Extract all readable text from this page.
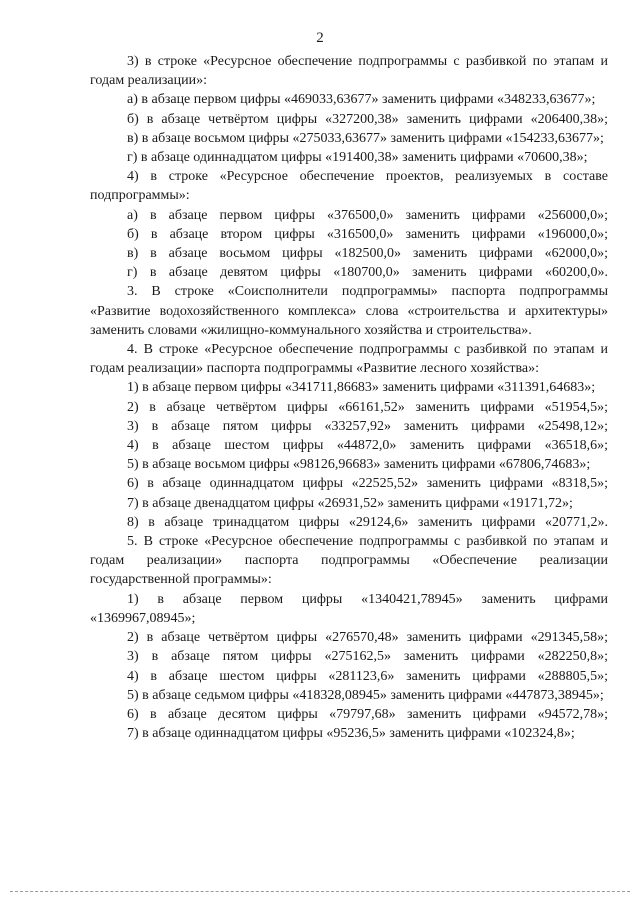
2

3) в строке «Ресурсное обеспечение подпрограммы с разбивкой по этапам и годам реализации»:

а) в абзаце первом цифры «469033,63677» заменить цифрами «348233,63677»;

б) в абзаце четвёртом цифры «327200,38» заменить цифрами «206400,38»;

в) в абзаце восьмом цифры «275033,63677» заменить цифрами «154233,63677»;

г) в абзаце одиннадцатом цифры «191400,38» заменить цифрами «70600,38»;

4) в строке «Ресурсное обеспечение проектов, реализуемых в составе подпрограммы»:

а) в абзаце первом цифры «376500,0» заменить цифрами «256000,0»;

б) в абзаце втором цифры «316500,0» заменить цифрами «196000,0»;

в) в абзаце восьмом цифры «182500,0» заменить цифрами «62000,0»;

г) в абзаце девятом цифры «180700,0» заменить цифрами «60200,0».

3. В строке «Соисполнители подпрограммы» паспорта подпрограммы «Развитие водохозяйственного комплекса» слова «строительства и архитектуры» заменить словами «жилищно-коммунального хозяйства и строительства».

4. В строке «Ресурсное обеспечение подпрограммы с разбивкой по этапам и годам реализации» паспорта подпрограммы «Развитие лесного хозяйства»:

1) в абзаце первом цифры «341711,86683» заменить цифрами «311391,64683»;

2) в абзаце четвёртом цифры «66161,52» заменить цифрами «51954,5»;

3) в абзаце пятом цифры «33257,92» заменить цифрами «25498,12»;

4) в абзаце шестом цифры «44872,0» заменить цифрами «36518,6»;

5) в абзаце восьмом цифры «98126,96683» заменить цифрами «67806,74683»;

6) в абзаце одиннадцатом цифры «22525,52» заменить цифрами «8318,5»;

7) в абзаце двенадцатом цифры «26931,52» заменить цифрами «19171,72»;

8) в абзаце тринадцатом цифры «29124,6» заменить цифрами «20771,2».

5. В строке «Ресурсное обеспечение подпрограммы с разбивкой по этапам и годам реализации» паспорта подпрограммы «Обеспечение реализации государственной программы»:

1) в абзаце первом цифры «1340421,78945» заменить цифрами «1369967,08945»;

2) в абзаце четвёртом цифры «276570,48» заменить цифрами «291345,58»;

3) в абзаце пятом цифры «275162,5» заменить цифрами «282250,8»;

4) в абзаце шестом цифры «281123,6» заменить цифрами «288805,5»;

5) в абзаце седьмом цифры «418328,08945» заменить цифрами «447873,38945»;

6) в абзаце десятом цифры «79797,68» заменить цифрами «94572,78»;

7) в абзаце одиннадцатом цифры «95236,5» заменить цифрами «102324,8»;
